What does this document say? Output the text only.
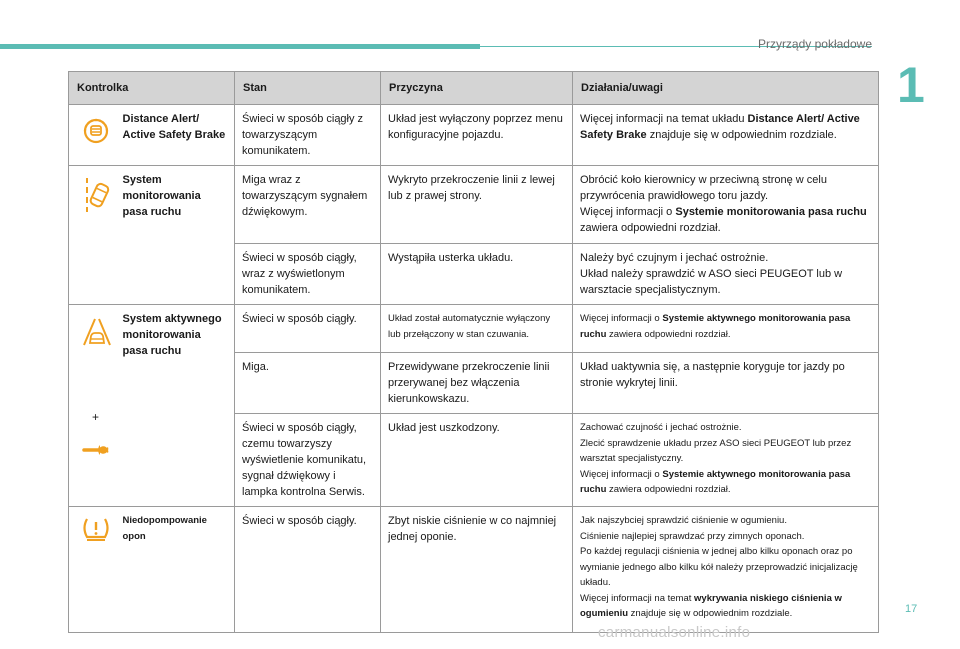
Przyrządy pokładowe
1
Kontrolka		Stan	Przyczyna	Działania/uwagi

	Distance Alert/ Active Safety Brake	Świeci w sposób ciągły z towarzyszącym komunikatem.	Układ jest wyłączony poprzez menu konfiguracyjne pojazdu.	Więcej informacji na temat układu Distance Alert/ Active Safety Brake znajduje się w odpowiednim rozdziale.

	System monitorowania pasa ruchu	Miga wraz z towarzyszącym sygnałem dźwiękowym.	Wykryto przekroczenie linii z lewej lub z prawej strony.	Obrócić koło kierownicy w przeciwną stronę w celu przywrócenia prawidłowego toru jazdy.
Więcej informacji o Systemie monitorowania pasa ruchu zawiera odpowiedni rozdział.

		Świeci w sposób ciągły, wraz z wyświetlonym komunikatem.	Wystąpiła usterka układu.	Należy być czujnym i jechać ostrożnie.
Układ należy sprawdzić w ASO sieci PEUGEOT lub w warsztacie specjalistycznym.

+	System aktywnego monitorowania pasa ruchu	Świeci w sposób ciągły.	Układ został automatycznie wyłączony lub przełączony w stan czuwania.	Więcej informacji o Systemie aktywnego monitorowania pasa ruchu zawiera odpowiedni rozdział.
		Miga.	Przewidywane przekroczenie linii przerywanej bez włączenia kierunkowskazu.	Układ uaktywnia się, a następnie koryguje tor jazdy po stronie wykrytej linii.
		Świeci w sposób ciągły, czemu towarzyszy wyświetlenie komunikatu, sygnał dźwiękowy i lampka kontrolna Serwis.	Układ jest uszkodzony.	Zachować czujność i jechać ostrożnie.
Zlecić sprawdzenie układu przez ASO sieci PEUGEOT lub przez warsztat specjalistyczny.
Więcej informacji o Systemie aktywnego monitorowania pasa ruchu zawiera odpowiedni rozdział.

	Niedopompowanie opon	Świeci w sposób ciągły.	Zbyt niskie ciśnienie w co najmniej jednej oponie.	Jak najszybciej sprawdzić ciśnienie w ogumieniu.
Ciśnienie najlepiej sprawdzać przy zimnych oponach.
Po każdej regulacji ciśnienia w jednej albo kilku oponach oraz po wymianie jednego albo kilku kół należy przeprowadzić inicjalizację układu.
Więcej informacji na temat wykrywania niskiego ciśnienia w ogumieniu znajduje się w odpowiednim rozdziale.	17
carmanualsonline.info
